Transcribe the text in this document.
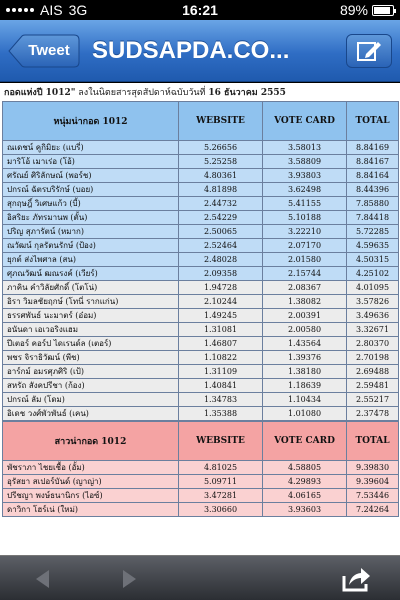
AIS 3G	16:21	89%
Tweet SUDSAPDA.CO...
กอดแห่งปี 1012" ลงในนิตยสารสุดสัปดาห์ฉบับวันที่ 16 ธันวาคม 2555
หนุ่มน่ากอด 1012	WEBSITE	VOTE CARD	TOTAL
ณเดชน์ คูกิมิยะ (แบรี่)	5.26656	3.58013	8.84169
มาริโอ้ เมาเร่อ (โอ้)	5.25258	3.58809	8.84167
ศรัณย์ ศิริลักษณ์ (พอร์ช)	4.80361	3.93803	8.84164
ปกรณ์ ฉัตรบริรักษ์ (บอย)	4.81898	3.62498	8.44396
สุกฤษฎิ์ วิเศษแก้ว (บี้)	2.44732	5.41155	7.85880
อิสริยะ ภัทรมานพ (ตั้น)	2.54229	5.10188	7.84418
ปริญ สุภารัตน์ (หมาก)	2.50065	3.22210	5.72285
ณวัฒน์ กุลรัตนรักษ์ (ป้อง)	2.52464	2.07170	4.59635
ยุกต์ ส่งไพศาล (สน)	2.48028	2.01580	4.50315
ศุภณวัฒน์ ฒณรงค์ (เวียร์)	2.09358	2.15744	4.25102
ภาคิน คำวิลัยศักดิ์ (โตโน่)	1.94728	2.08367	4.01095
อิรา วิมลชัยฤกษ์ (โทนี่ รากแก่น)	2.10244	1.38082	3.57826
ธรรศพันธ์ นะมาตร์ (อ๋อม)	1.49245	2.00391	3.49636
อนันดา เอเวอริงแฮม	1.31081	2.00580	3.32671
ปีเตอร์ คอร์ป ไดเรนด์ล (เตอร์)	1.46807	1.43564	2.80370
พชร จิราธิวัฒน์ (พีช)	1.10822	1.39376	2.70198
อาร์กม์ อมรศุภศิริ (เป้)	1.31109	1.38180	2.69488
สหรัถ สังคปรีชา (ก้อง)	1.40841	1.18639	2.59481
ปกรณ์ ลัม (โดม)	1.34783	1.10434	2.55217
อิเดช วงศ์พัวพันธ์ (เคน)	1.35388	1.01080	2.37478

สาวน่ากอด 1012	WEBSITE	VOTE CARD	TOTAL
พัชราภา ไชยเชื้อ (อั้ม)	4.81025	4.58805	9.39830
อุรัสยา สเปอร์บันด์ (ญาญ่า)	5.09711	4.29893	9.39604
ปรีชญา พงษ์ธนานิกร (ไอซ์)	3.47281	4.06165	7.53446
ดาวิกา โฮร์เน่ (ใหม่)	3.30660	3.93603	7.24264
